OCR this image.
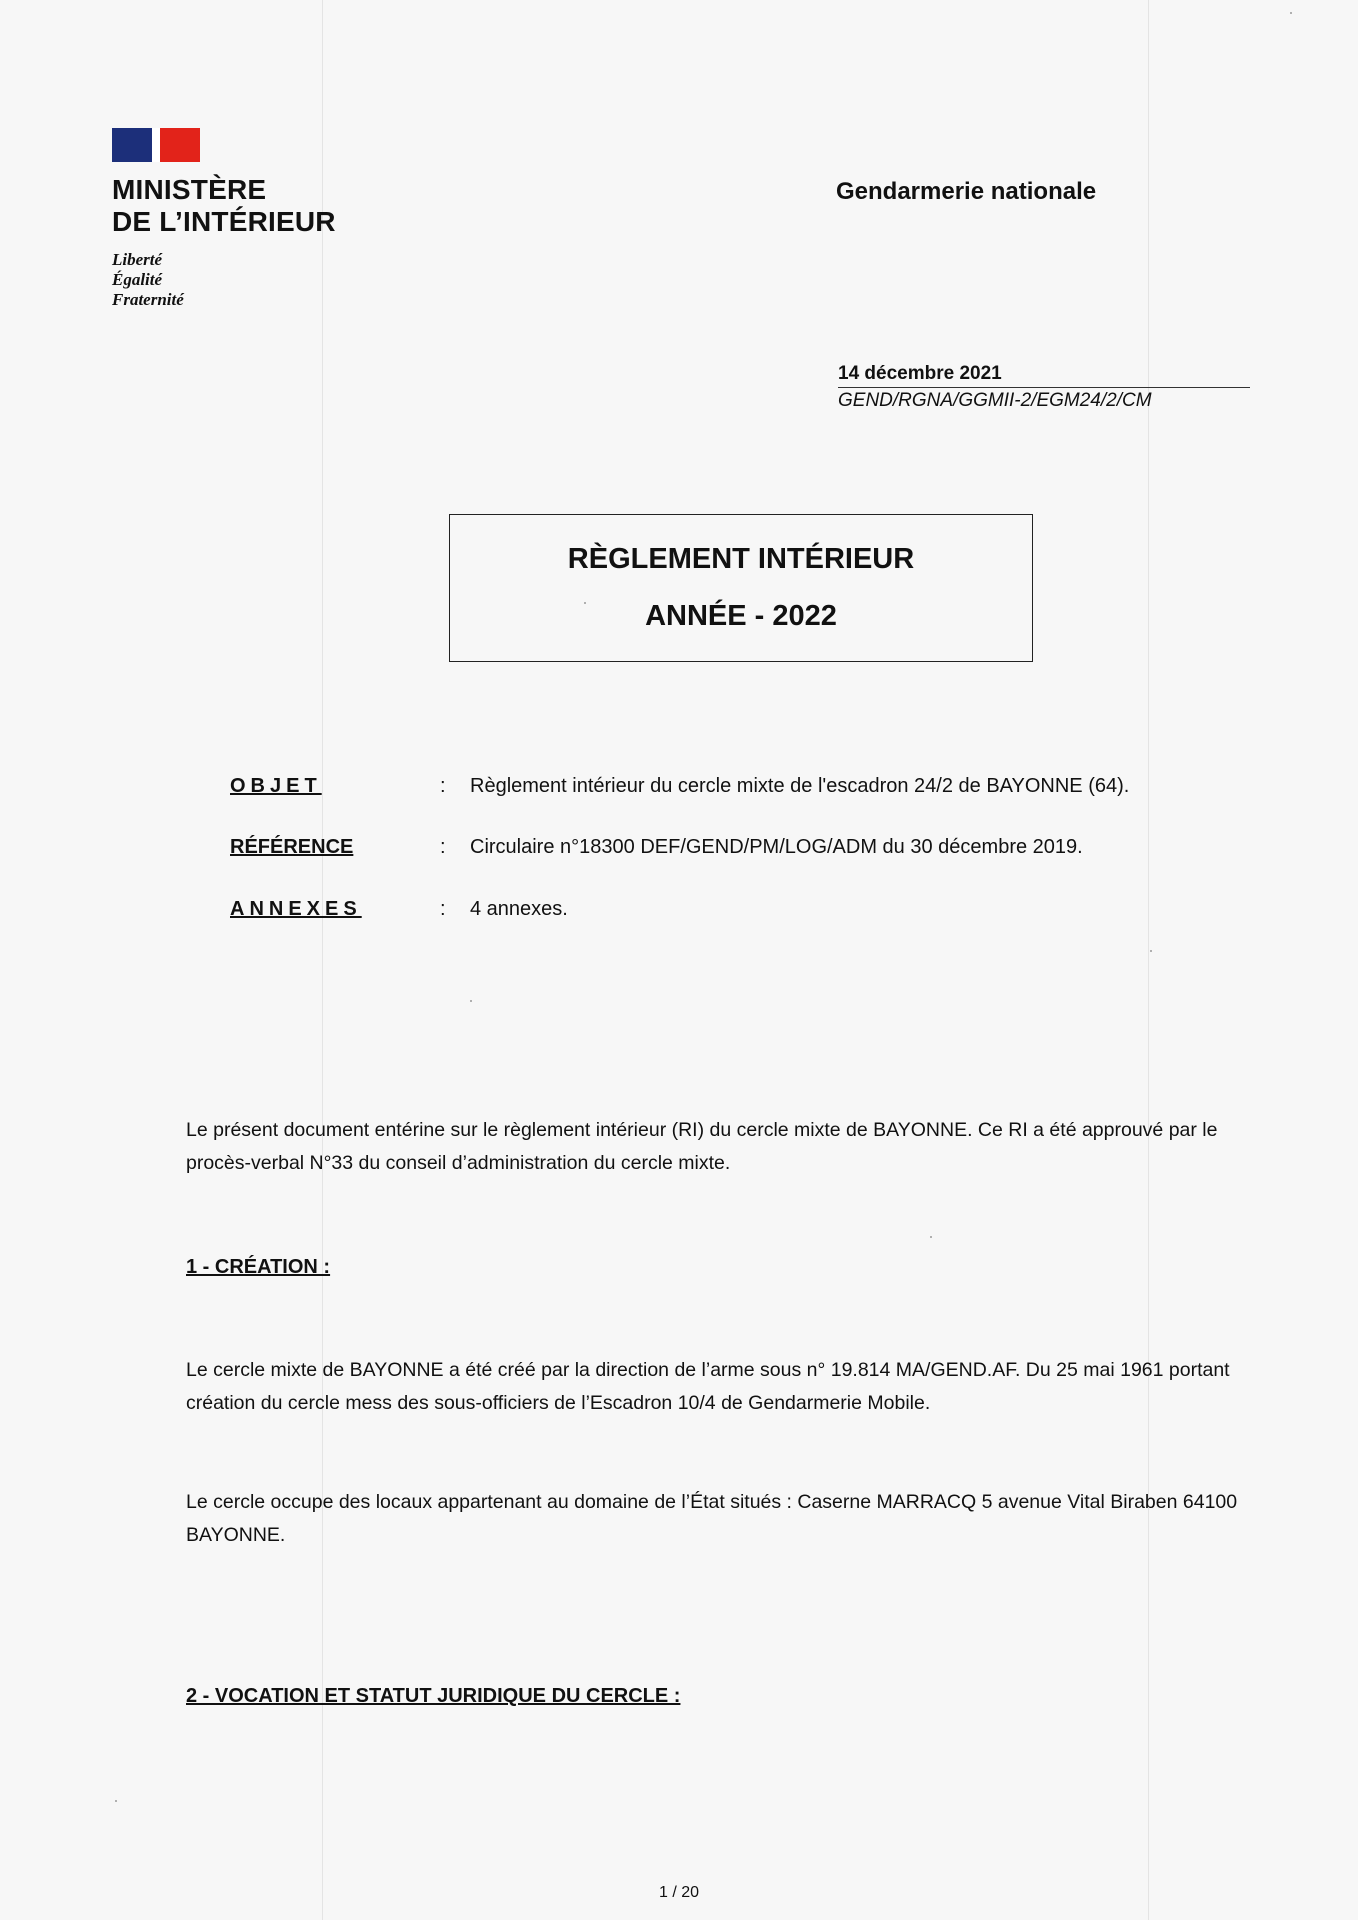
MINISTÈRE
DE L’INTÉRIEUR
Liberté
Égalité
Fraternité
Gendarmerie nationale
14 décembre 2021
GEND/RGNA/GGMII-2/EGM24/2/CM
RÈGLEMENT INTÉRIEUR
ANNÉE - 2022
OBJET	:	Règlement intérieur du cercle mixte de l'escadron 24/2 de BAYONNE (64).
RÉFÉRENCE	:	Circulaire n°18300 DEF/GEND/PM/LOG/ADM du 30 décembre 2019.
ANNEXES	:	4 annexes.
Le présent document entérine sur le règlement intérieur (RI) du cercle mixte de BAYONNE. Ce RI a été approuvé par le procès-verbal N°33 du conseil d’administration du cercle mixte.
1 - CRÉATION :
Le cercle mixte de BAYONNE a été créé par la direction de l’arme sous n° 19.814 MA/GEND.AF. Du 25 mai 1961 portant création du cercle mess des sous-officiers de l’Escadron 10/4 de Gendarmerie Mobile.
Le cercle occupe des locaux appartenant au domaine de l’État situés : Caserne MARRACQ 5 avenue Vital Biraben 64100 BAYONNE.
2 - VOCATION ET STATUT JURIDIQUE DU CERCLE :
1 / 20
